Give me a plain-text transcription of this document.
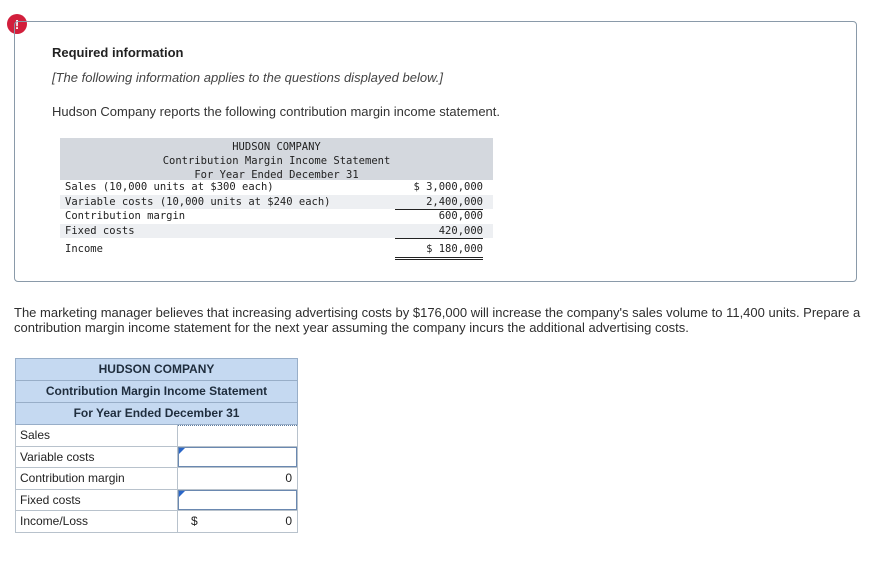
!
Required information
[The following information applies to the questions displayed below.]
Hudson Company reports the following contribution margin income statement.
HUDSON COMPANY
Contribution Margin Income Statement
For Year Ended December 31
Sales (10,000 units at $300 each)	$ 3,000,000
Variable costs (10,000 units at $240 each)	2,400,000
Contribution margin	600,000
Fixed costs	420,000
Income	$ 180,000
The marketing manager believes that increasing advertising costs by $176,000 will increase the company's sales volume to 11,400 units. Prepare a contribution margin income statement for the next year assuming the company incurs the additional advertising costs.
HUDSON COMPANY
Contribution Margin Income Statement
For Year Ended December 31
Sales
Variable costs
Contribution margin	0
Fixed costs
Income/Loss	$	0
